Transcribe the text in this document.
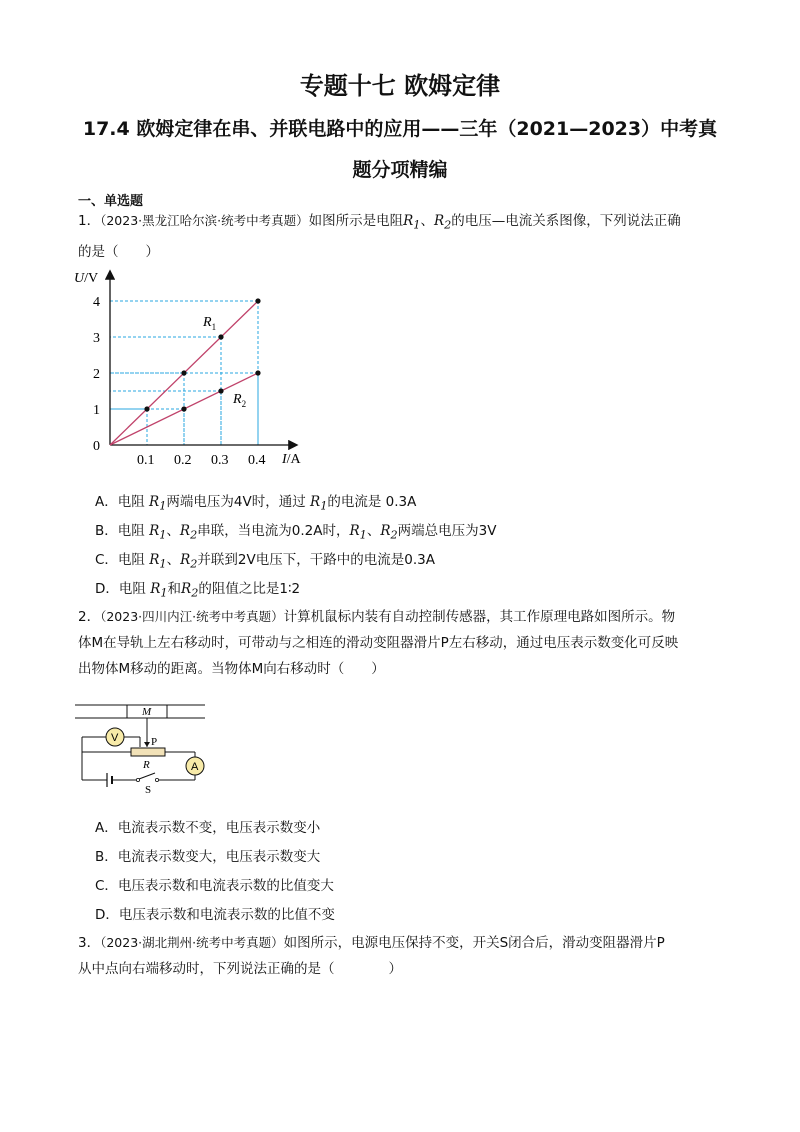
专题十七 欧姆定律
17.4 欧姆定律在串、并联电路中的应用——三年（2021—2023）中考真
题分项精编
一、单选题
1．（2023·黑龙江哈尔滨·统考中考真题）如图所示是电阻$R_1$、$R_2$的电压—电流关系图像，下列说法正确
的是（　　）
0.1 0.2 0.3 0.4
1
2
3
4
0
U/V
I/A
$R_1$
$R_2$
A．电阻 $R_1$两端电压为4V时，通过 $R_1$的电流是 0.3A
B．电阻 $R_1$、$R_2$串联，当电流为0.2A时，$R_1$、$R_2$两端总电压为3V
C．电阻 $R_1$、$R_2$并联到2V电压下，干路中的电流是0.3A
D．电阻 $R_1$和$R_2$的阻值之比是1∶2
2．（2023·四川内江·统考中考真题）计算机鼠标内装有自动控制传感器，其工作原理电路如图所示。物
体M在导轨上左右移动时，可带动与之相连的滑动变阻器滑片P左右移动，通过电压表示数变化可反映
出物体M移动的距离。当物体M向右移动时（　　）
M
P
V
R	A
S
A．电流表示数不变，电压表示数变小
B．电流表示数变大，电压表示数变大
C．电压表示数和电流表示数的比值变大
D．电压表示数和电流表示数的比值不变
3．（2023·湖北荆州·统考中考真题）如图所示，电源电压保持不变，开关S闭合后，滑动变阻器滑片P
从中点向右端移动时，下列说法正确的是（　　　　）
